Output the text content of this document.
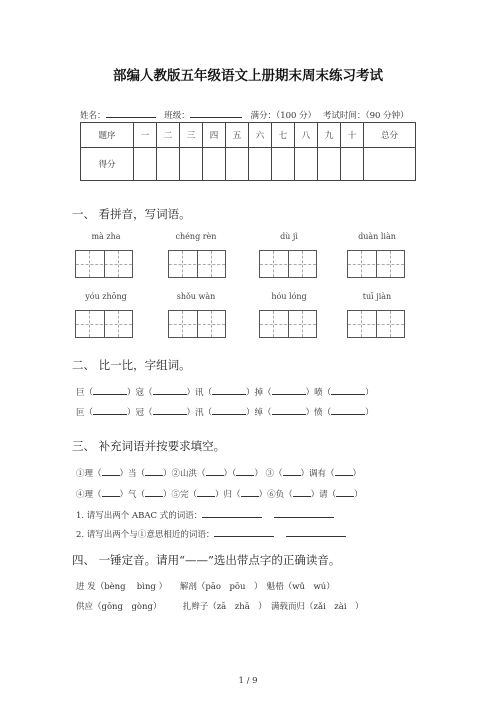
部编人教版五年级语文上册期末周末练习考试
姓名：	班级：	满分：（100 分） 考试时间：（90 分钟）
题序	一	二	三	四	五	六	七	八	九	十	总分
得分											
一、 看拼音，写词语。
mà zha	chéng rèn	dù jì	duàn liàn
yóu zhōng	shǒu wàn	hóu lóng	tuī jiàn
二、 比一比，字组词。
巨（	）寇（	）讯（	）掉（	）喷（	）
叵（	）冠（	）汛（	）绰（	）愤（	）
三、 补充词语并按要求填空。
①理（ ）当（ ）②山洪（ ）（ ） ③（ ）调有（ ）
④理（ ）气（ ）⑤完（ ）归（ ）⑥负（ ）请（ ）
1. 请写出两个 ABAC 式的词语：
2. 请写出两个与①意思相近的词语：
四、 一锤定音。请用“——”选出带点字的正确读音。
进 发（bèng　 bìng ）　　解剖（pāo　pōu　）　魁梧（wǔ　wú）
供应（gōng　gòng）　　　扎辫子（zā　zhā　）　满载而归（zǎi　zài　）
1 / 9
